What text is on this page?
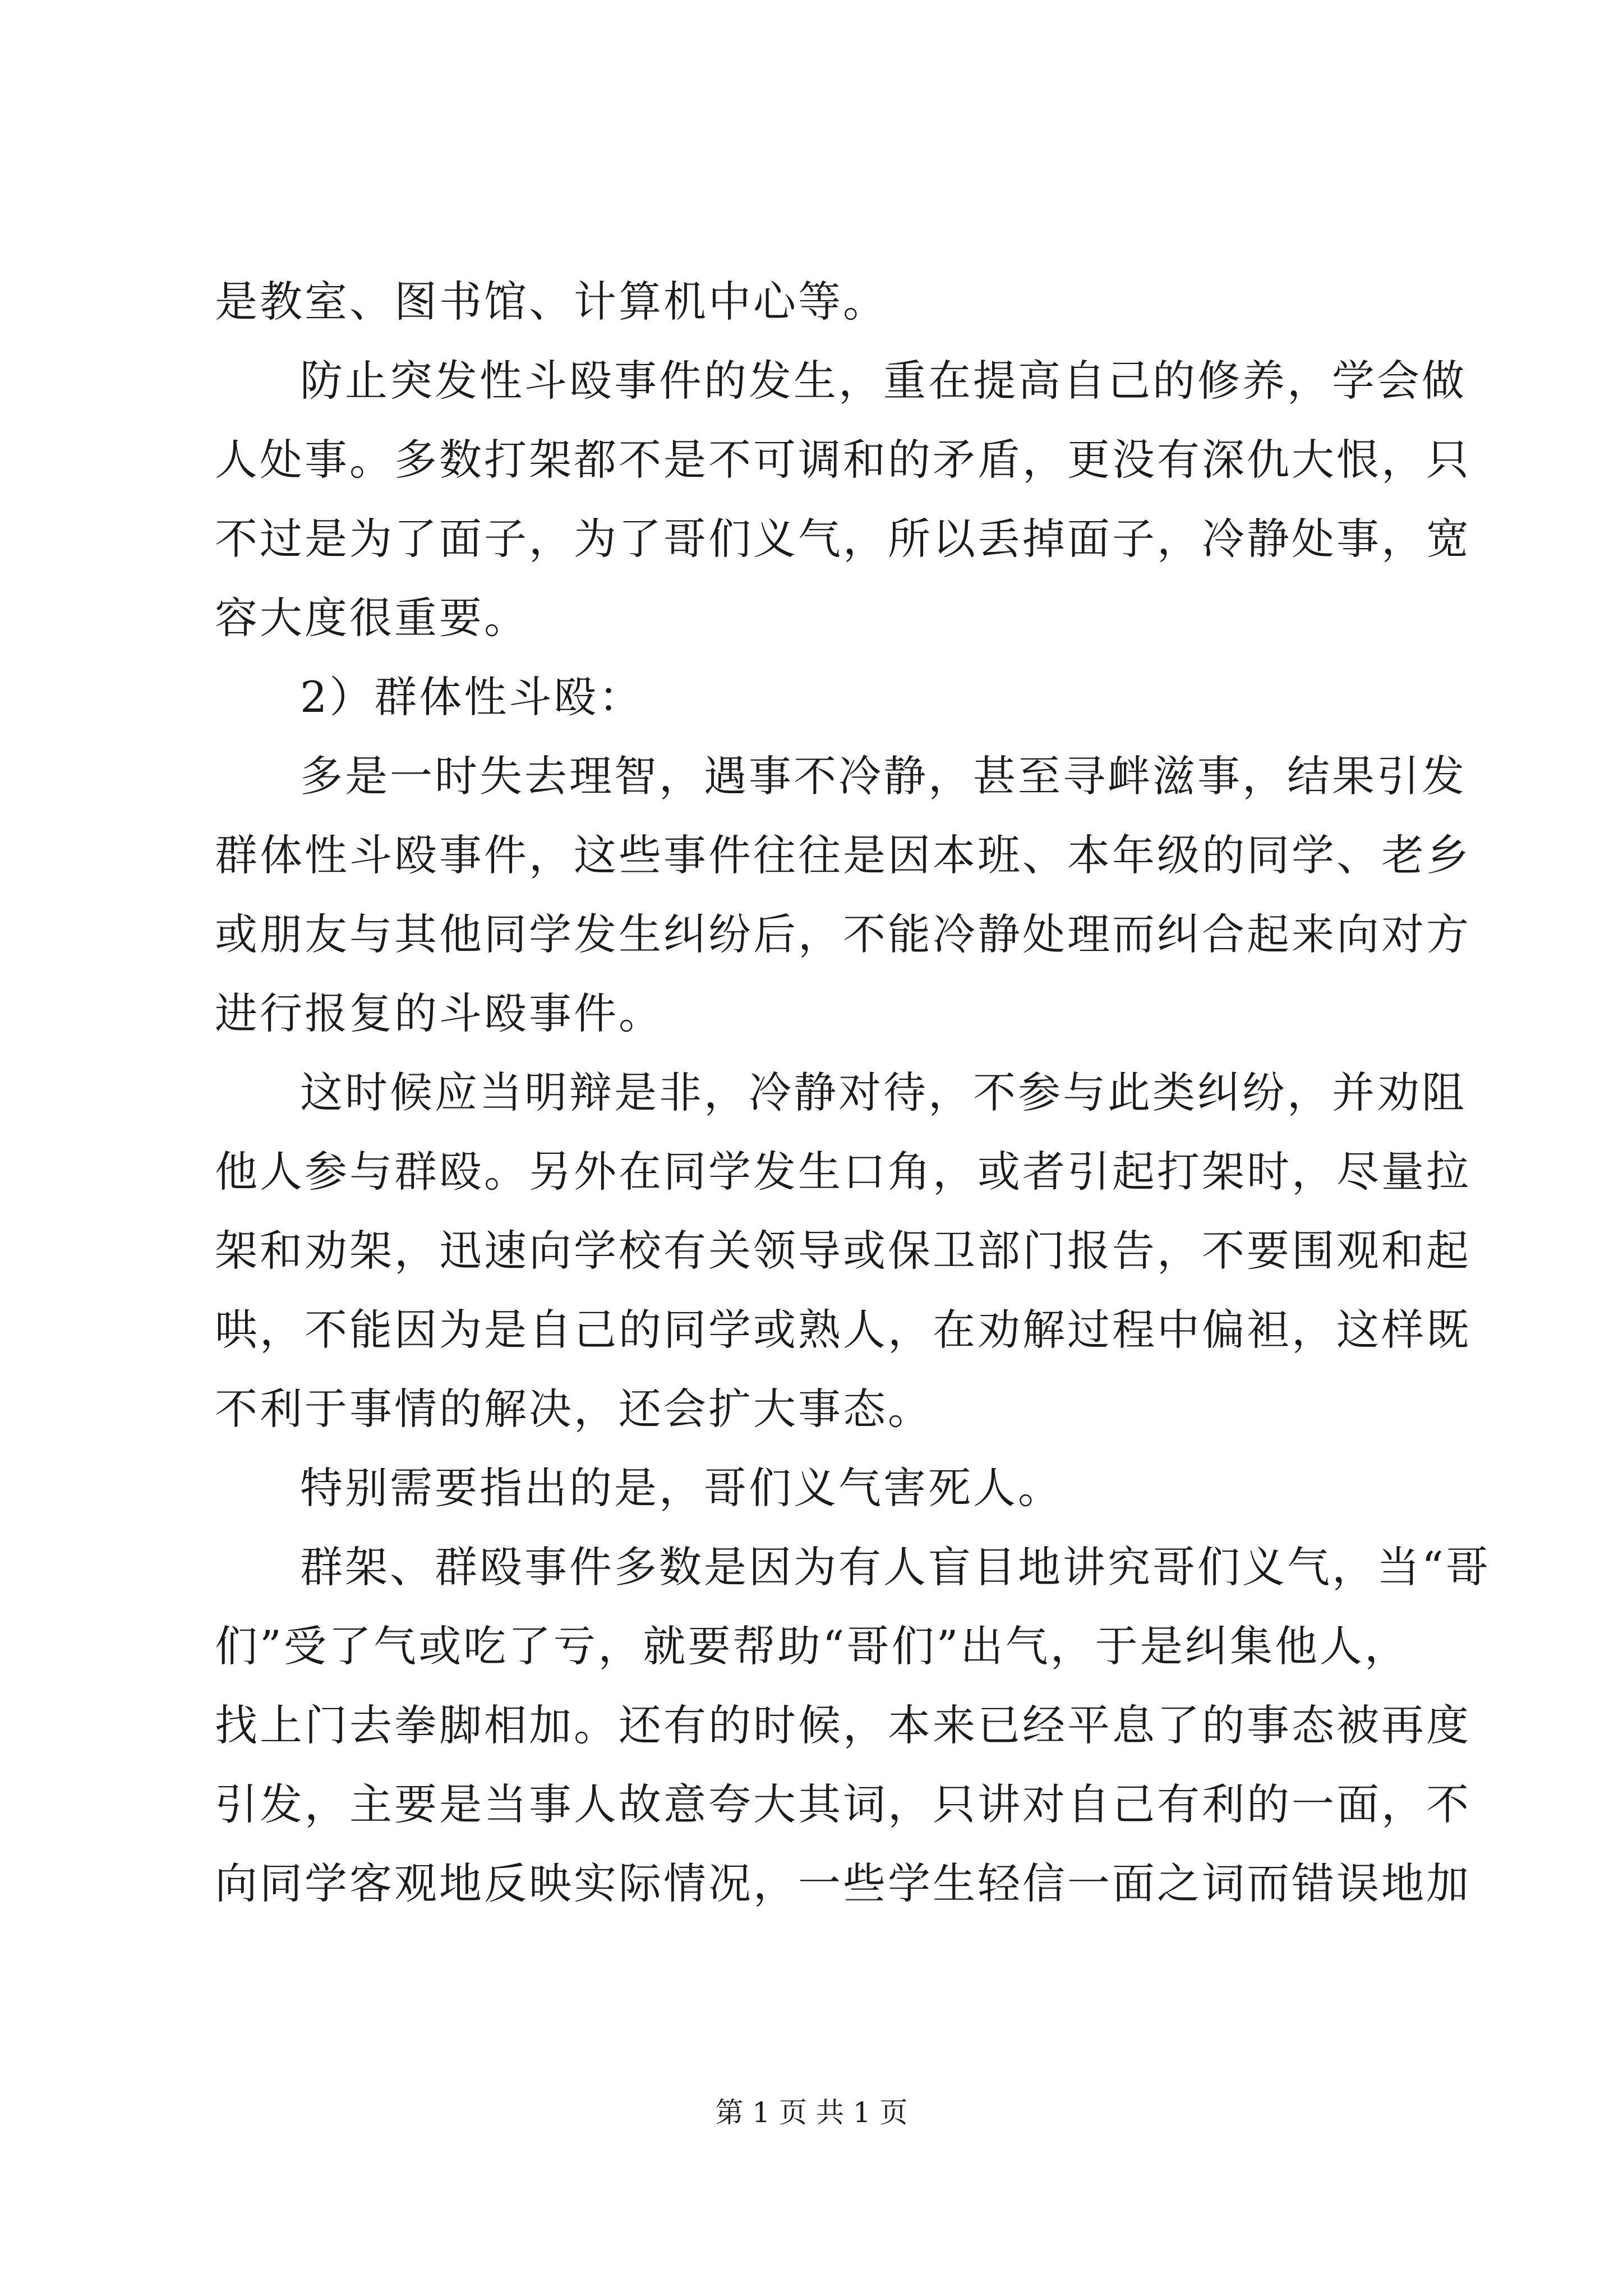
是教室、图书馆、计算机中心等。
防止突发性斗殴事件的发生，重在提高自己的修养，学会做
人处事。多数打架都不是不可调和的矛盾，更没有深仇大恨，只
不过是为了面子，为了哥们义气，所以丢掉面子，冷静处事，宽
容大度很重要。
2）群体性斗殴：
多是一时失去理智，遇事不冷静，甚至寻衅滋事，结果引发
群体性斗殴事件，这些事件往往是因本班、本年级的同学、老乡
或朋友与其他同学发生纠纷后，不能冷静处理而纠合起来向对方
进行报复的斗殴事件。
这时候应当明辩是非，冷静对待，不参与此类纠纷，并劝阻
他人参与群殴。另外在同学发生口角，或者引起打架时，尽量拉
架和劝架，迅速向学校有关领导或保卫部门报告，不要围观和起
哄，不能因为是自己的同学或熟人，在劝解过程中偏袒，这样既
不利于事情的解决，还会扩大事态。
特别需要指出的是，哥们义气害死人。
群架、群殴事件多数是因为有人盲目地讲究哥们义气，当“哥
们”受了气或吃了亏，就要帮助“哥们”出气，于是纠集他人，
找上门去拳脚相加。还有的时候，本来已经平息了的事态被再度
引发，主要是当事人故意夸大其词，只讲对自己有利的一面，不
向同学客观地反映实际情况，一些学生轻信一面之词而错误地加
第 1 页 共 1 页
